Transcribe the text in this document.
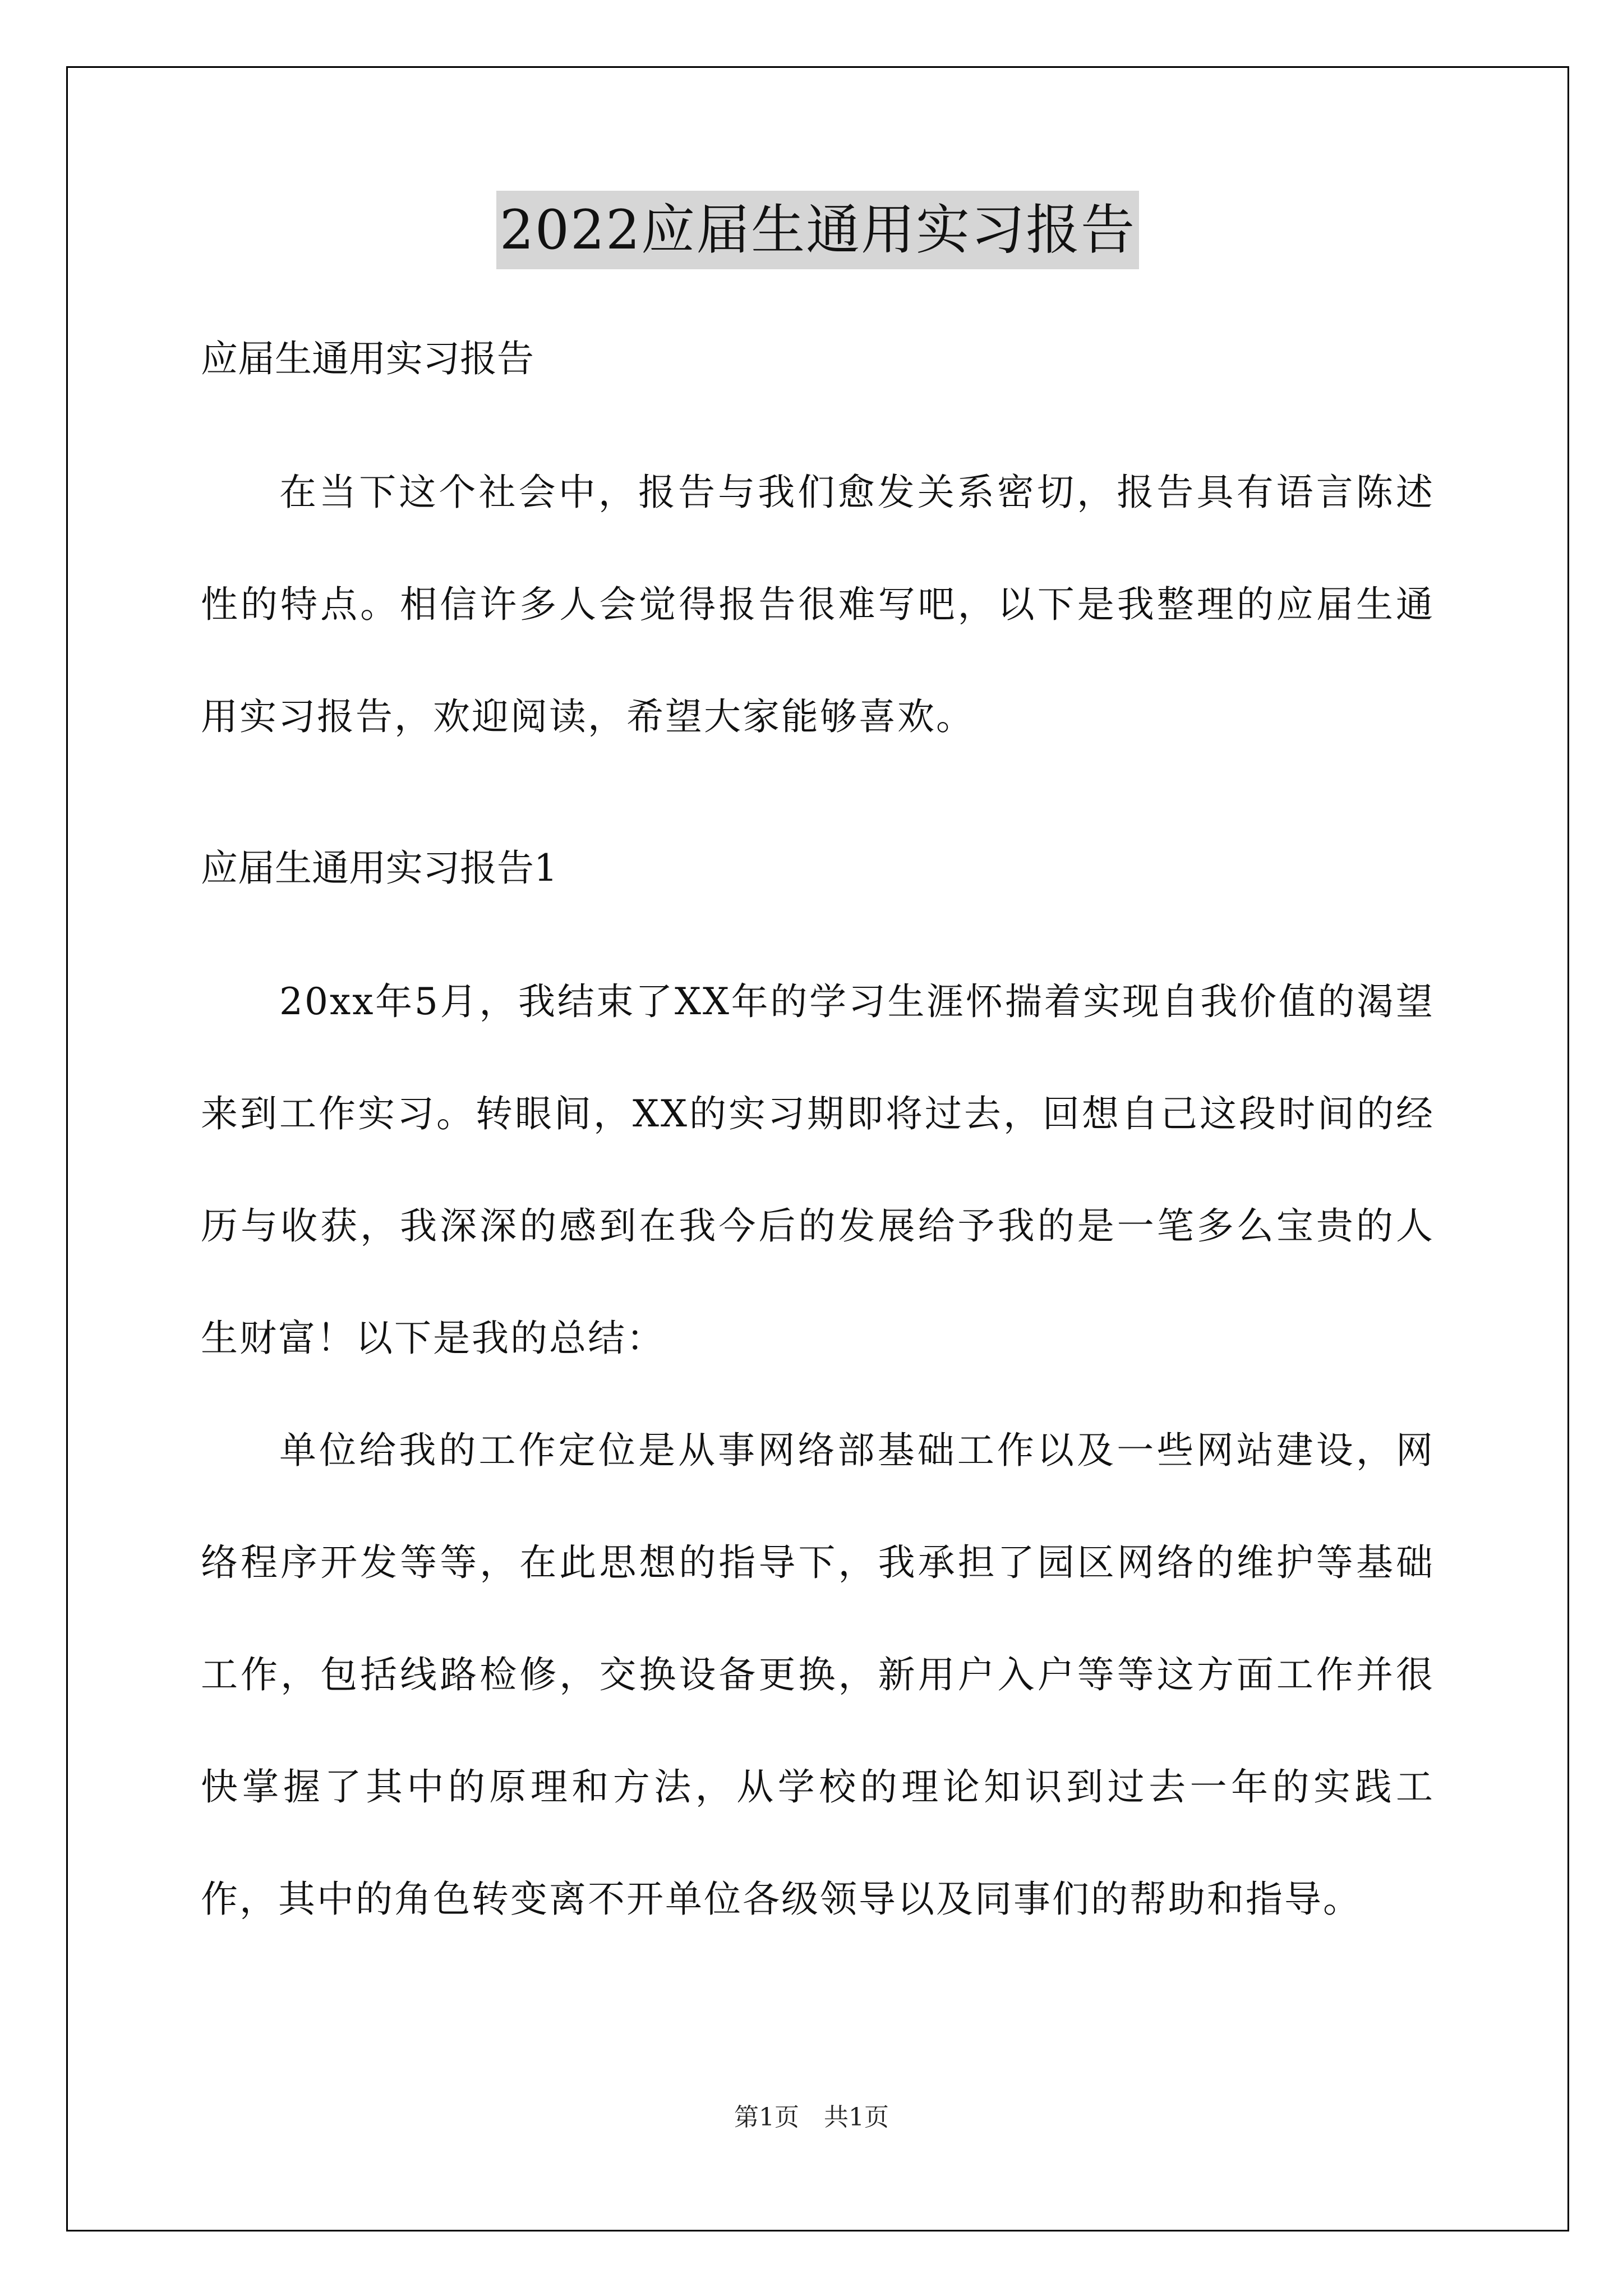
2022应届生通用实习报告

应届生通用实习报告

在当下这个社会中，报告与我们愈发关系密切，报告具有语言陈述性的特点。相信许多人会觉得报告很难写吧，以下是我整理的应届生通用实习报告，欢迎阅读，希望大家能够喜欢。

应届生通用实习报告1

20xx年5月，我结束了XX年的学习生涯怀揣着实现自我价值的渴望来到工作实习。转眼间，XX的实习期即将过去，回想自己这段时间的经历与收获，我深深的感到在我今后的发展给予我的是一笔多么宝贵的人生财富！以下是我的总结：

单位给我的工作定位是从事网络部基础工作以及一些网站建设，网络程序开发等等，在此思想的指导下，我承担了园区网络的维护等基础工作，包括线路检修，交换设备更换，新用户入户等等这方面工作并很快掌握了其中的原理和方法，从学校的理论知识到过去一年的实践工作，其中的角色转变离不开单位各级领导以及同事们的帮助和指导。

第1页　共1页
